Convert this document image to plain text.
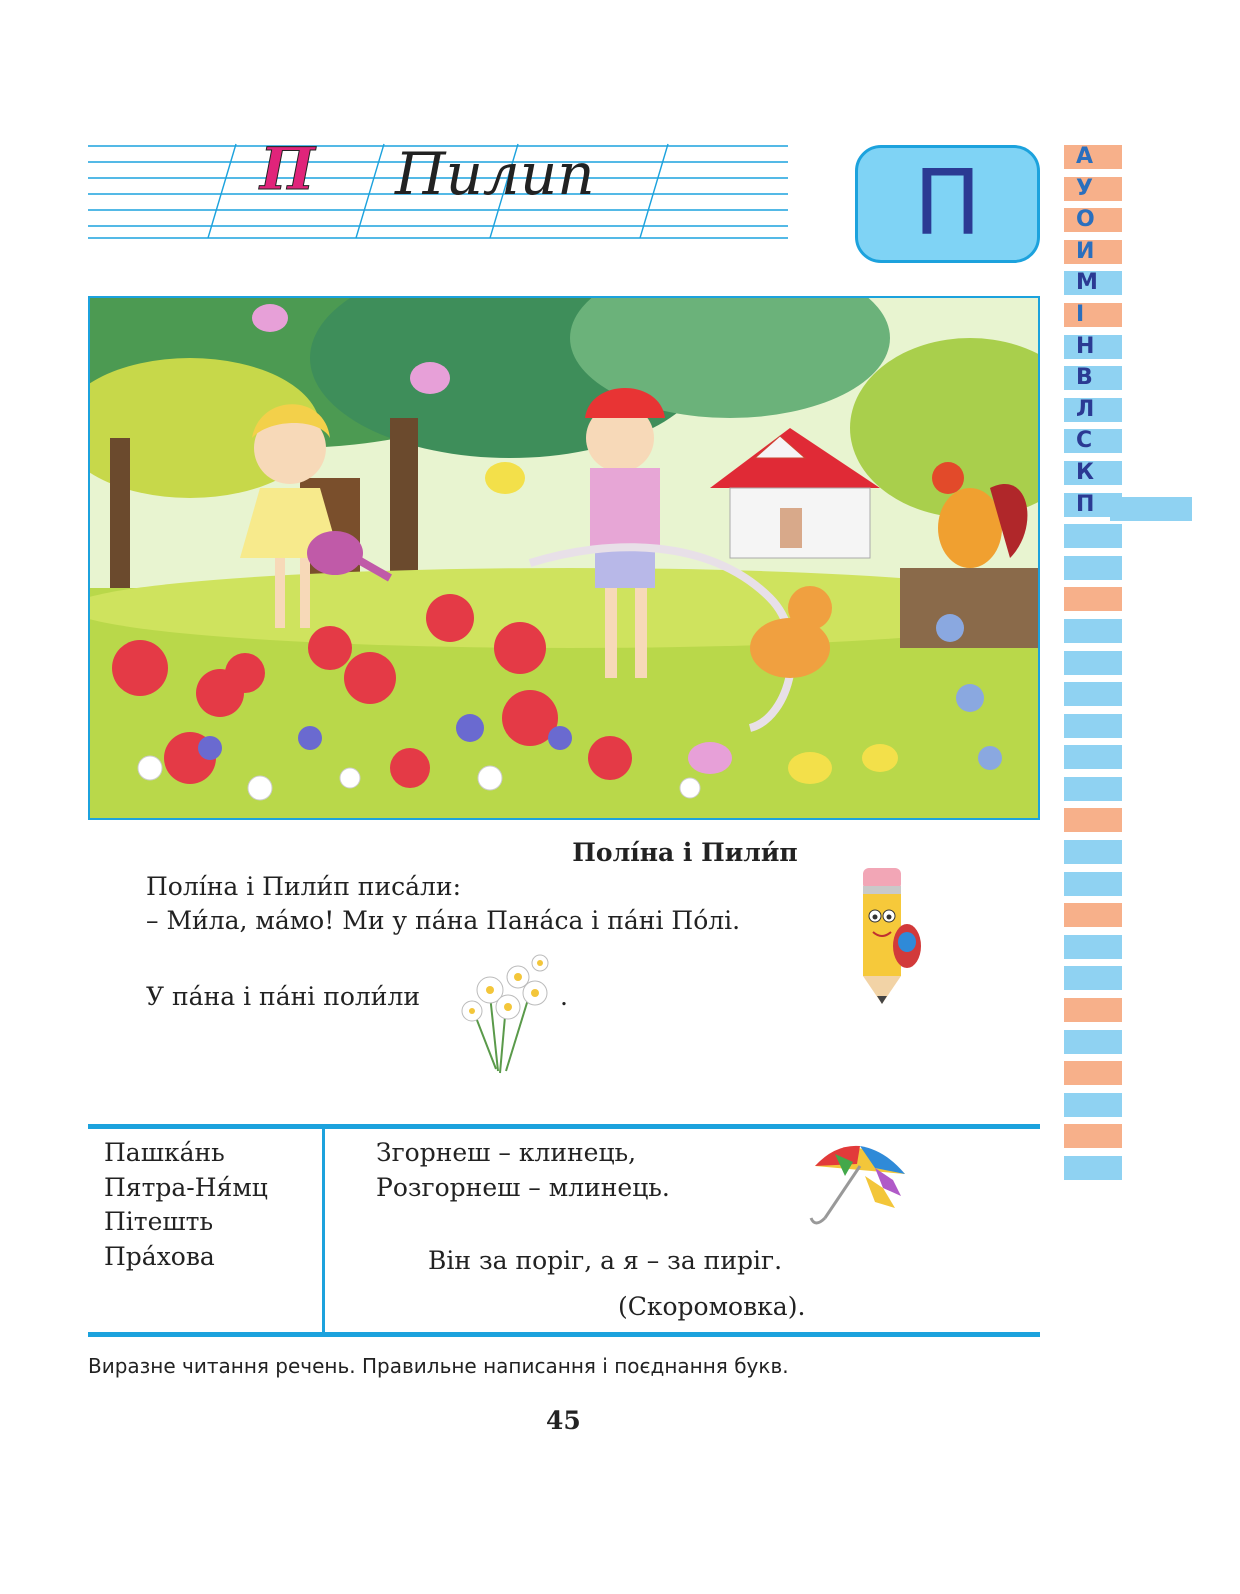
П Пилип	П	А
У
О
И
М
І
Н
В
Л
С
К
П
Полі́на і Пили́п
Полі́на і Пили́п писа́ли:
– Ми́ла, ма́мо! Ми у па́на Пана́са і па́ні По́лі.
У па́на і па́ні поли́ли	.
Пашка́нь
Пятра-Ня́мц
Пітешть
Пра́хова
Згорнеш – клинець,
Розгорнеш – млинець.
Він за поріг, а я – за пиріг.
(Скоромовка).
Виразне читання речень. Правильне написання і поєднання букв.
45
